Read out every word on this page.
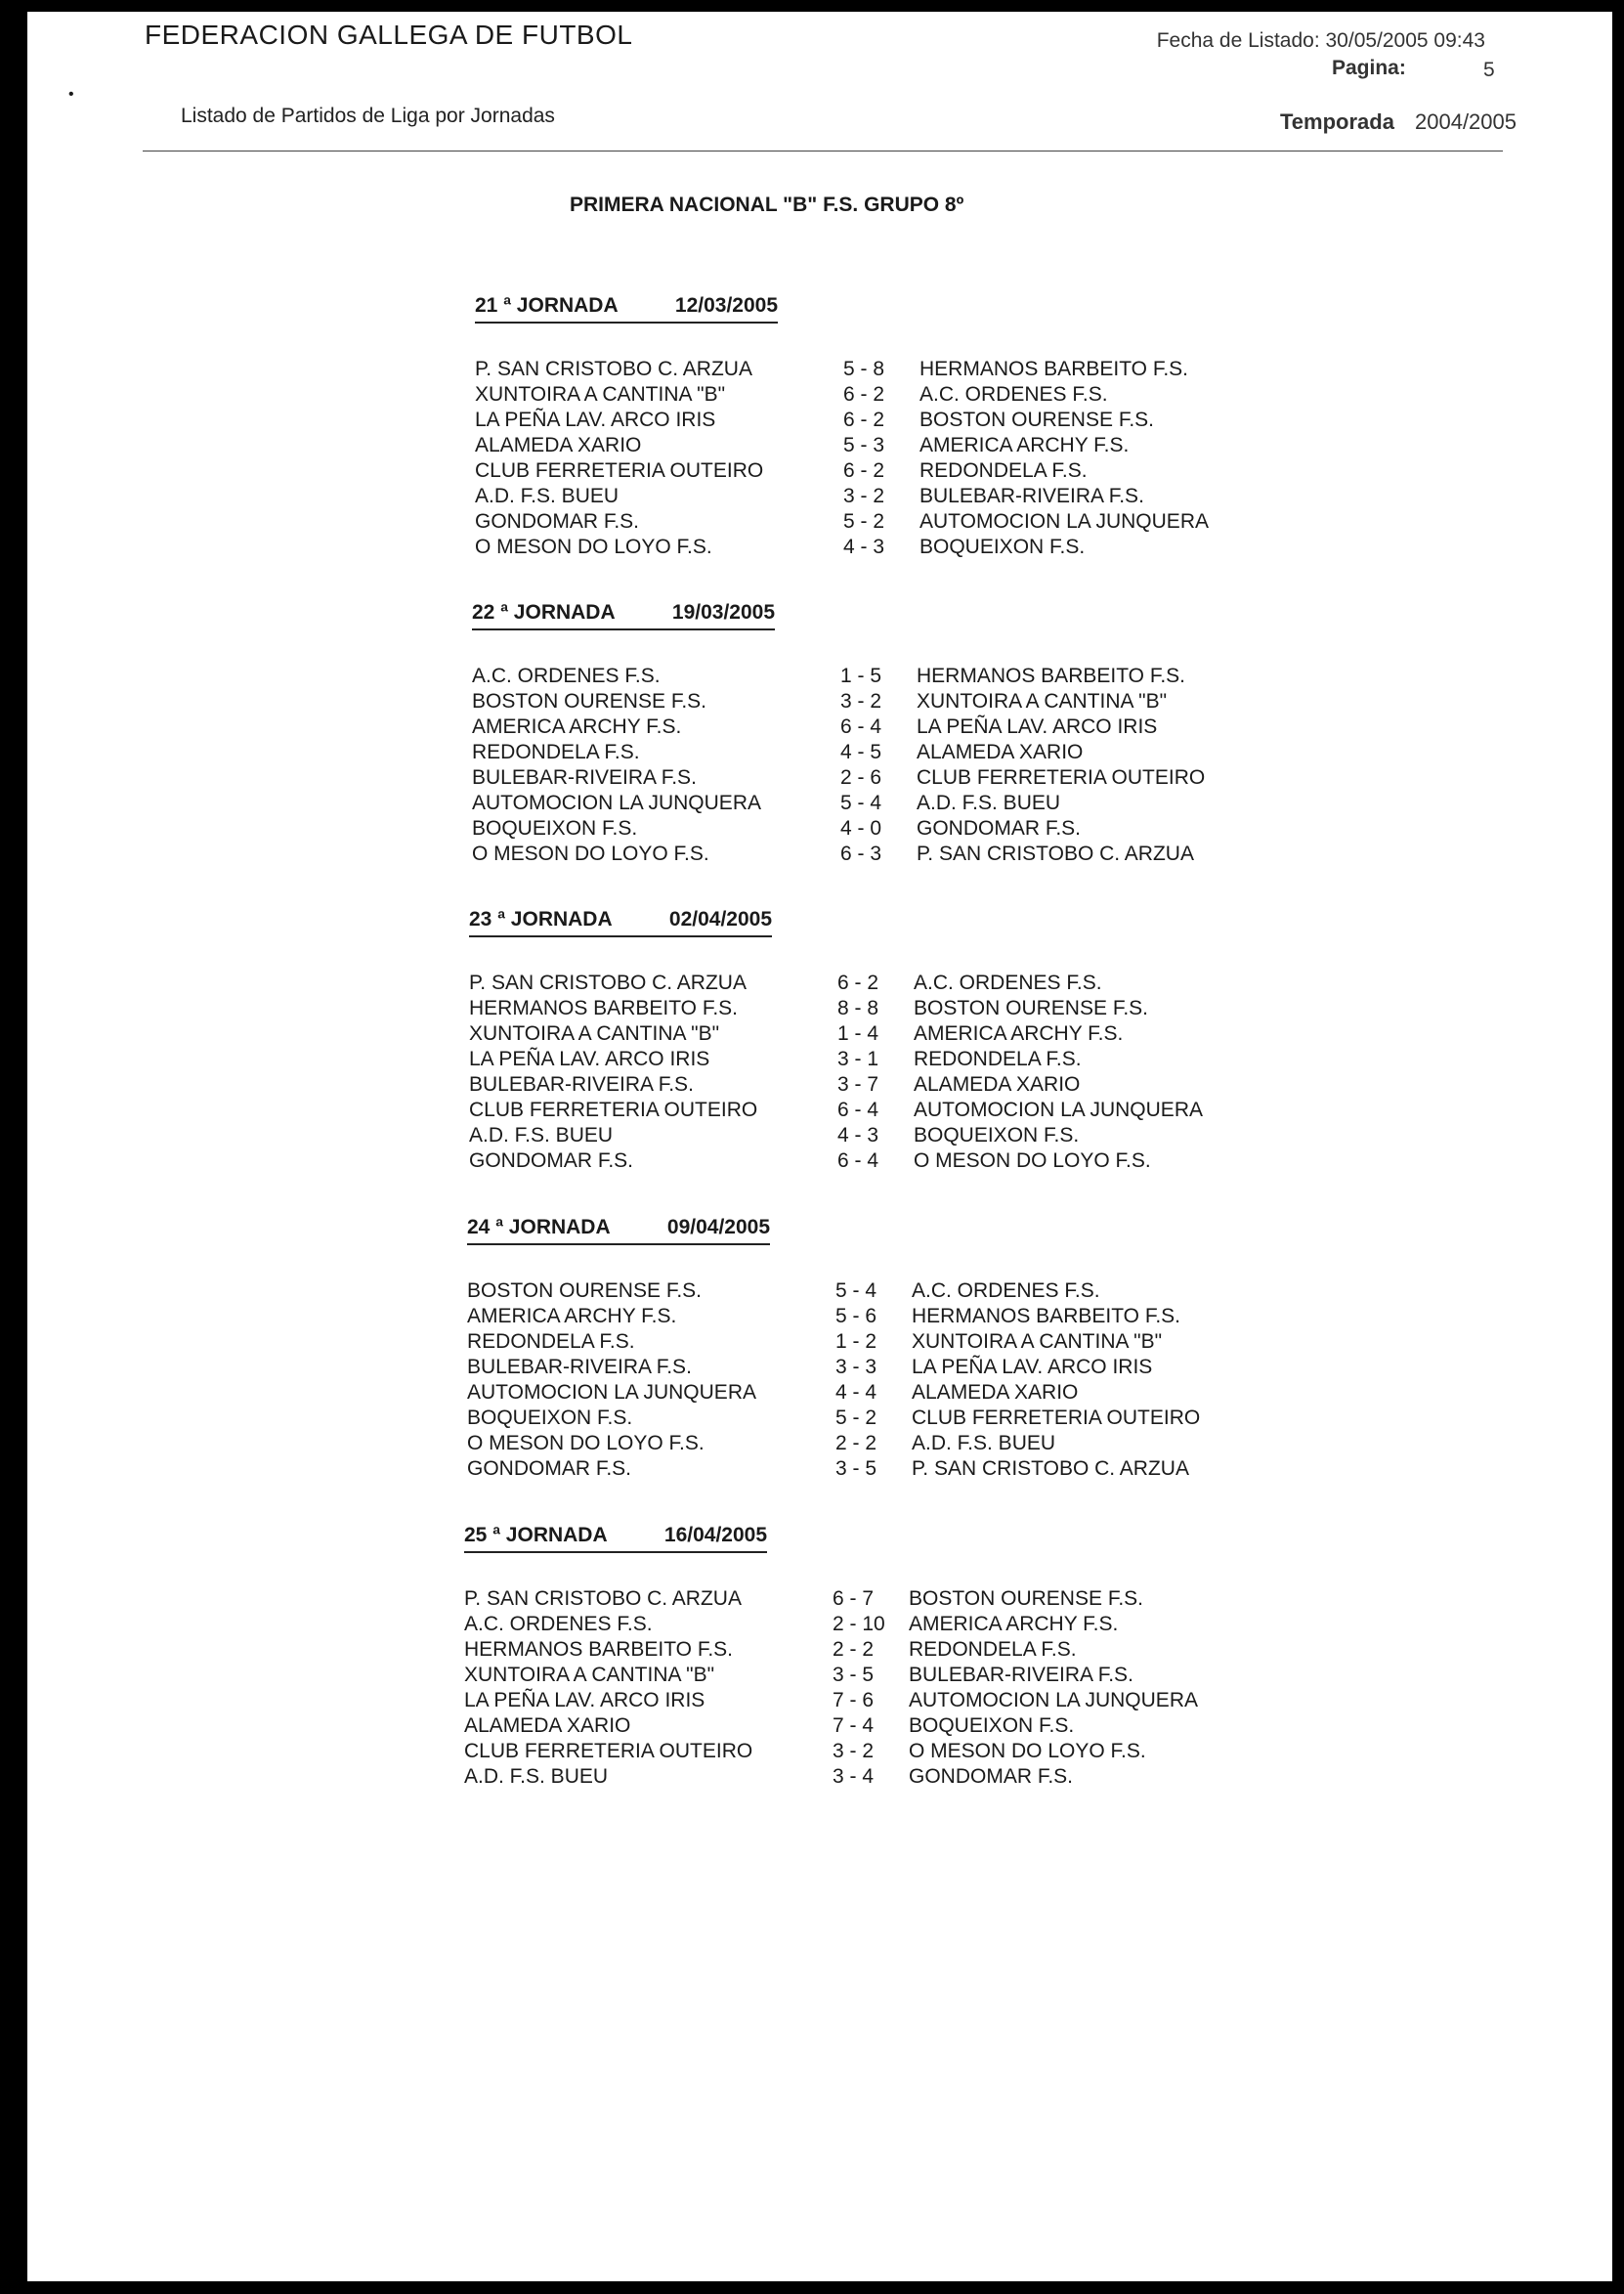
FEDERACION GALLEGA DE FUTBOL
•
Fecha de Listado: 30/05/2005 09:43
Pagina:	5
Listado de Partidos de Liga por Jornadas	Temporada 2004/2005
PRIMERA NACIONAL "B" F.S. GRUPO 8º
21 ª JORNADA	12/03/2005
P. SAN CRISTOBO C. ARZUA	5 - 8 HERMANOS BARBEITO F.S.
XUNTOIRA A CANTINA "B"	6 - 2 A.C. ORDENES F.S.
LA PEÑA LAV. ARCO IRIS	6 - 2 BOSTON OURENSE F.S.
ALAMEDA XARIO	5 - 3 AMERICA ARCHY F.S.
CLUB FERRETERIA OUTEIRO	6 - 2 REDONDELA F.S.
A.D. F.S. BUEU	3 - 2 BULEBAR-RIVEIRA F.S.
GONDOMAR F.S.	5 - 2 AUTOMOCION LA JUNQUERA
O MESON DO LOYO F.S.	4 - 3 BOQUEIXON F.S.
22 ª JORNADA	19/03/2005
A.C. ORDENES F.S.	1 - 5 HERMANOS BARBEITO F.S.
BOSTON OURENSE F.S.	3 - 2 XUNTOIRA A CANTINA "B"
AMERICA ARCHY F.S.	6 - 4 LA PEÑA LAV. ARCO IRIS
REDONDELA F.S.	4 - 5 ALAMEDA XARIO
BULEBAR-RIVEIRA F.S.	2 - 6 CLUB FERRETERIA OUTEIRO
AUTOMOCION LA JUNQUERA	5 - 4 A.D. F.S. BUEU
BOQUEIXON F.S.	4 - 0 GONDOMAR F.S.
O MESON DO LOYO F.S.	6 - 3 P. SAN CRISTOBO C. ARZUA
23 ª JORNADA	02/04/2005
P. SAN CRISTOBO C. ARZUA	6 - 2 A.C. ORDENES F.S.
HERMANOS BARBEITO F.S.	8 - 8 BOSTON OURENSE F.S.
XUNTOIRA A CANTINA "B"	1 - 4 AMERICA ARCHY F.S.
LA PEÑA LAV. ARCO IRIS	3 - 1 REDONDELA F.S.
BULEBAR-RIVEIRA F.S.	3 - 7 ALAMEDA XARIO
CLUB FERRETERIA OUTEIRO	6 - 4 AUTOMOCION LA JUNQUERA
A.D. F.S. BUEU	4 - 3 BOQUEIXON F.S.
GONDOMAR F.S.	6 - 4 O MESON DO LOYO F.S.
24 ª JORNADA	09/04/2005
BOSTON OURENSE F.S.	5 - 4 A.C. ORDENES F.S.
AMERICA ARCHY F.S.	5 - 6 HERMANOS BARBEITO F.S.
REDONDELA F.S.	1 - 2 XUNTOIRA A CANTINA "B"
BULEBAR-RIVEIRA F.S.	3 - 3 LA PEÑA LAV. ARCO IRIS
AUTOMOCION LA JUNQUERA	4 - 4 ALAMEDA XARIO
BOQUEIXON F.S.	5 - 2 CLUB FERRETERIA OUTEIRO
O MESON DO LOYO F.S.	2 - 2 A.D. F.S. BUEU
GONDOMAR F.S.	3 - 5 P. SAN CRISTOBO C. ARZUA
25 ª JORNADA	16/04/2005
P. SAN CRISTOBO C. ARZUA	6 - 7 BOSTON OURENSE F.S.
A.C. ORDENES F.S.	2 - 10 AMERICA ARCHY F.S.
HERMANOS BARBEITO F.S.	2 - 2 REDONDELA F.S.
XUNTOIRA A CANTINA "B"	3 - 5 BULEBAR-RIVEIRA F.S.
LA PEÑA LAV. ARCO IRIS	7 - 6 AUTOMOCION LA JUNQUERA
ALAMEDA XARIO	7 - 4 BOQUEIXON F.S.
CLUB FERRETERIA OUTEIRO	3 - 2 O MESON DO LOYO F.S.
A.D. F.S. BUEU	3 - 4 GONDOMAR F.S.
